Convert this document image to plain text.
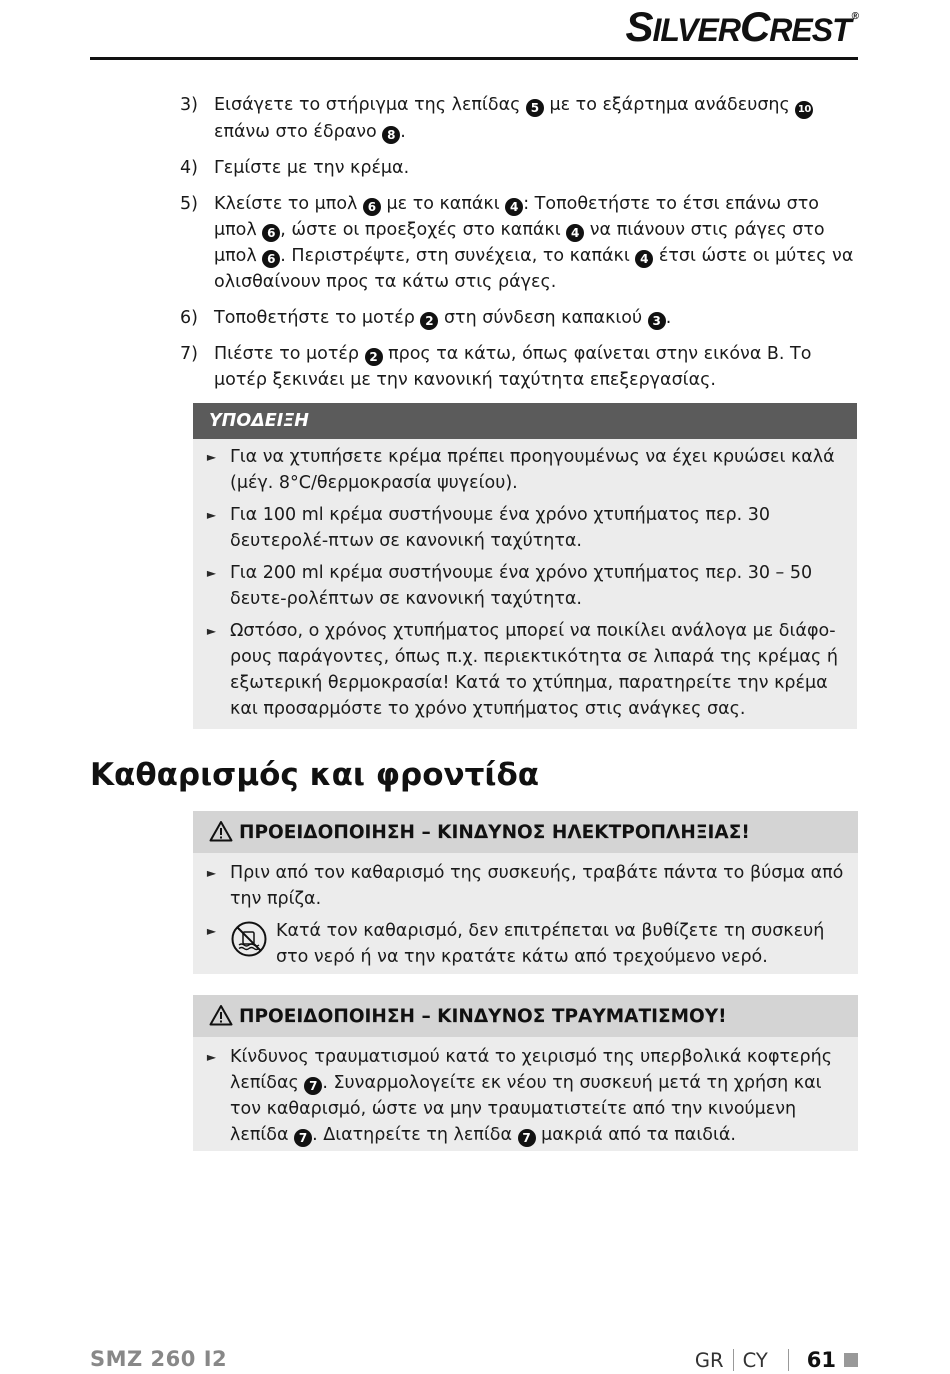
SILVERCREST®
3) Εισάγετε το στήριγμα της λεπίδας 5 με το εξάρτημα ανάδευσης 10 επάνω στο έδρανο 8 .
4) Γεμίστε με την κρέμα.
5) Κλείστε το μπολ 6 με το καπάκι 4 : Τοποθετήστε το έτσι επάνω στο μπολ 6 , ώστε οι προεξοχές στο καπάκι 4 να πιάνουν στις ράγες στο μπολ 6 . Περιστρέψτε, στη συνέχεια, το καπάκι 4 έτσι ώστε οι μύτες να ολισθαίνουν προς τα κάτω στις ράγες.
6) Τοποθετήστε το μοτέρ 2 στη σύνδεση καπακιού 3 .
7) Πιέστε το μοτέρ 2 προς τα κάτω, όπως φαίνεται στην εικόνα B. Το μοτέρ ξεκινάει με την κανονική ταχύτητα επεξεργασίας.
ΥΠΟΔΕΙΞΗ
► Για να χτυπήσετε κρέμα πρέπει προηγουμένως να έχει κρυώσει καλά (μέγ. 8°C/θερμοκρασία ψυγείου).
► Για 100 ml κρέμα συστήνουμε ένα χρόνο χτυπήματος περ. 30 δευτερολέ-πτων σε κανονική ταχύτητα.
► Για 200 ml κρέμα συστήνουμε ένα χρόνο χτυπήματος περ. 30 – 50 δευτε-ρολέπτων σε κανονική ταχύτητα.
► Ωστόσο, ο χρόνος χτυπήματος μπορεί να ποικίλει ανάλογα με διάφο-ρους παράγοντες, όπως π.χ. περιεκτικότητα σε λιπαρά της κρέμας ή εξωτερική θερμοκρασία! Κατά το χτύπημα, παρατηρείτε την κρέμα και προσαρμόστε το χρόνο χτυπήματος στις ανάγκες σας.
Καθαρισμός και φροντίδα
ΠΡΟΕΙΔΟΠΟΙΗΣΗ – ΚΙΝΔΥΝΟΣ ΗΛΕΚΤΡΟΠΛΗΞΙΑΣ!
► Πριν από τον καθαρισμό της συσκευής, τραβάτε πάντα το βύσμα από την πρίζα.
►	Κατά τον καθαρισμό, δεν επιτρέπεται να βυθίζετε τη συσκευή στο νερό ή να την κρατάτε κάτω από τρεχούμενο νερό.
ΠΡΟΕΙΔΟΠΟΙΗΣΗ – ΚΙΝΔΥΝΟΣ ΤΡΑΥΜΑΤΙΣΜΟΥ!
► Κίνδυνος τραυματισμού κατά το χειρισμό της υπερβολικά κοφτερής λεπίδας 7 . Συναρμολογείτε εκ νέου τη συσκευή μετά τη χρήση και τον καθαρισμό, ώστε να μην τραυματιστείτε από την κινούμενη λεπίδα 7 . Διατηρείτε τη λεπίδα 7 μακριά από τα παιδιά.
SMZ 260 I2	GR CY 61
